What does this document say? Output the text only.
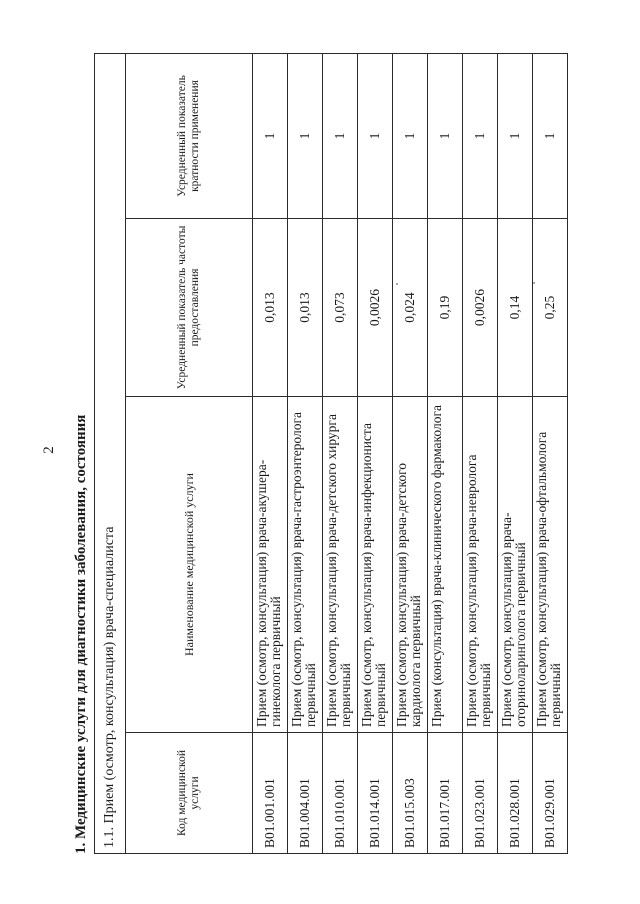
2 1. Медицинские услуги для диагностики заболевания, состояния 1.1. Прием (осмотр, консультация) врача-специалиста			
Код медицинской услуги	Наименование медицинской услуги	Усредненный показатель частоты предоставления	Усредненный показатель кратности применения
B01.001.001	Прием (осмотр, консультация) врача-акушера-гинеколога первичный	0,013	1
B01.004.001	Прием (осмотр, консультация) врача-гастроэнтеролога первичный	0,013	1
B01.010.001	Прием (осмотр, консультация) врача-детского хирурга первичный	0,073	1
B01.014.001	Прием (осмотр, консультация) врача-инфекциониста первичный	0,0026	1
B01.015.003	Прием (осмотр, консультация) врача-детского кардиолога первичный	0,024	1
B01.017.001	Прием (консультация) врача-клинического фармаколога	0,19	1
B01.023.001	Прием (осмотр, консультация) врача-невролога первичный	0,0026	1
B01.028.001	Прием (осмотр, консультация) врача-оториноларинголога первичный	0,14	1
B01.029.001	Прием (осмотр, консультация) врача-офтальмолога первичный	0,25	1
